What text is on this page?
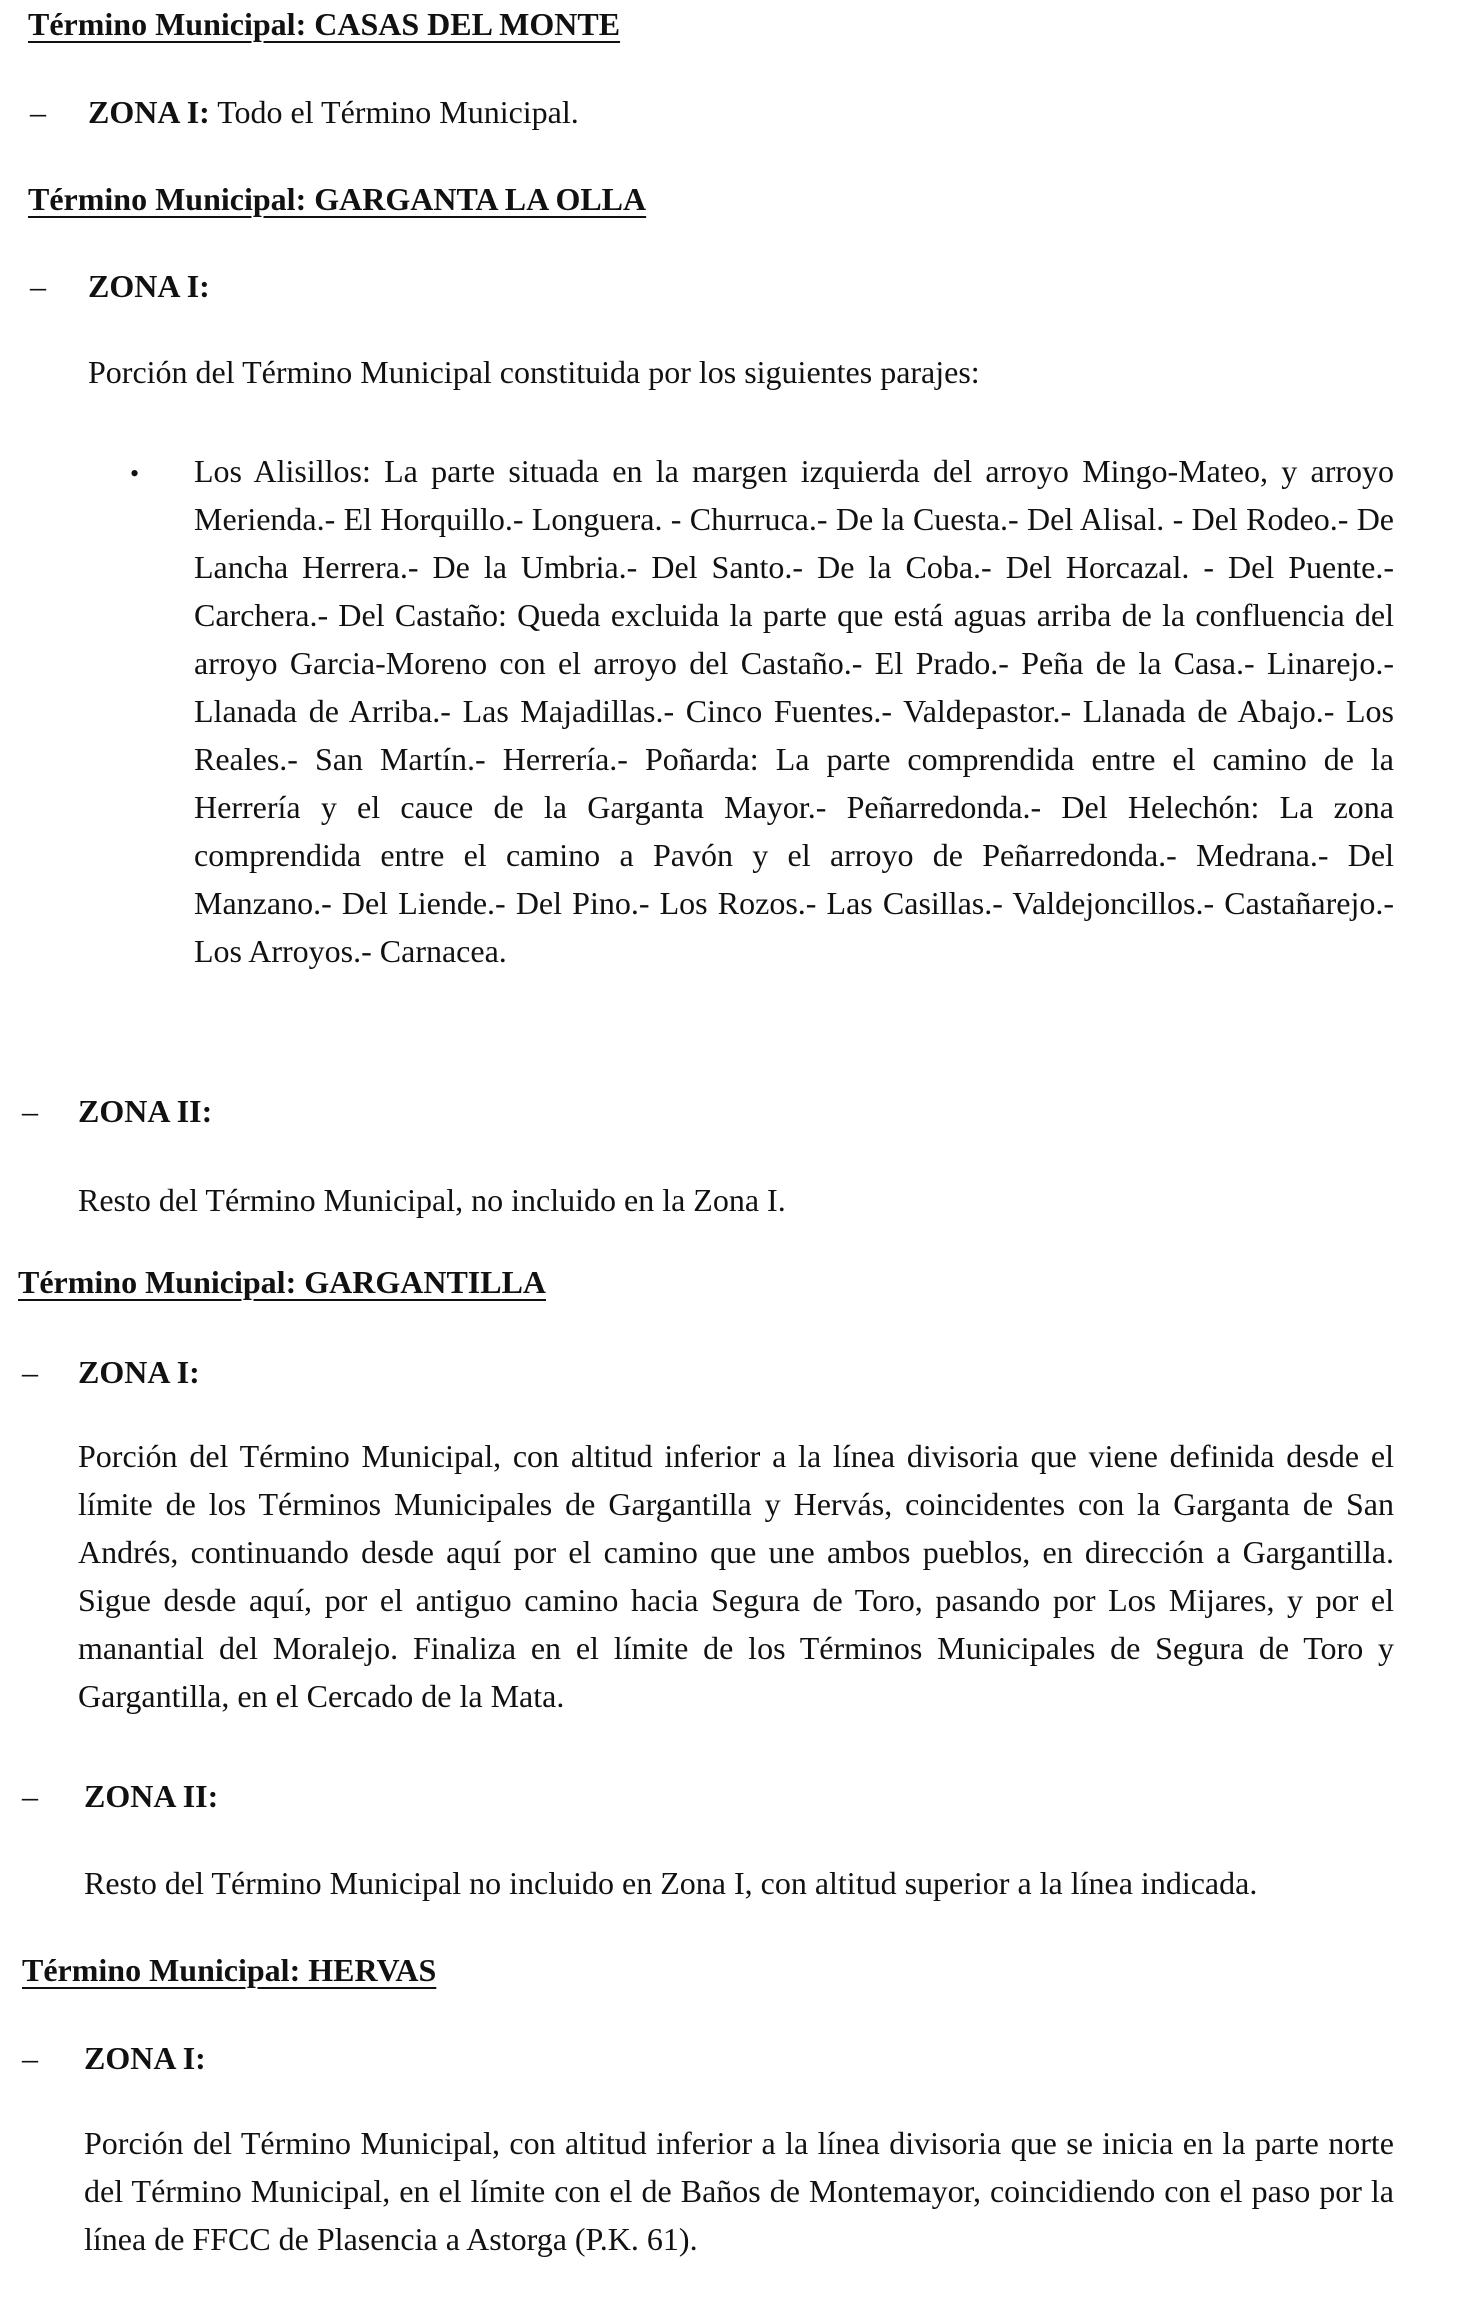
Término Municipal: CASAS DEL MONTE
– ZONA I: Todo el Término Municipal.

Término Municipal: GARGANTA LA OLLA
– ZONA I:

Porción del Término Municipal constituida por los siguientes parajes:

• Los Alisillos: La parte situada en la margen izquierda del arroyo Mingo-Mateo, y arroyo Merienda.- El Horquillo.- Longuera. - Churruca.- De la Cuesta.- Del Alisal. - Del Rodeo.- De Lancha Herrera.- De la Umbria.- Del Santo.- De la Coba.- Del Horcazal. - Del Puente.- Carchera.- Del Castaño: Queda excluida la parte que está aguas arriba de la confluencia del arroyo Garcia-Moreno con el arroyo del Castaño.- El Prado.- Peña de la Casa.- Linarejo.- Llanada de Arriba.- Las Majadillas.- Cinco Fuentes.- Valdepastor.- Llanada de Abajo.- Los Reales.- San Martín.- Herrería.- Poñarda: La parte comprendida entre el camino de la Herrería y el cauce de la Garganta Mayor.- Peñarredonda.- Del Helechón: La zona comprendida entre el camino a Pavón y el arroyo de Peñarredonda.- Medrana.- Del Manzano.- Del Liende.- Del Pino.- Los Rozos.- Las Casillas.- Valdejoncillos.- Castañarejo.- Los Arroyos.- Carnacea.

– ZONA II:

Resto del Término Municipal, no incluido en la Zona I.

Término Municipal: GARGANTILLA
– ZONA I:

Porción del Término Municipal, con altitud inferior a la línea divisoria que viene definida desde el límite de los Términos Municipales de Gargantilla y Hervás, coincidentes con la Garganta de San Andrés, continuando desde aquí por el camino que une ambos pueblos, en dirección a Gargantilla. Sigue desde aquí, por el antiguo camino hacia Segura de Toro, pasando por Los Mijares, y por el manantial del Moralejo. Finaliza en el límite de los Términos Municipales de Segura de Toro y Gargantilla, en el Cercado de la Mata.

– ZONA II:

Resto del Término Municipal no incluido en Zona I, con altitud superior a la línea indicada.

Término Municipal: HERVAS
– ZONA I:

Porción del Término Municipal, con altitud inferior a la línea divisoria que se inicia en la parte norte del Término Municipal, en el límite con el de Baños de Montemayor, coincidiendo con el paso por la línea de FFCC de Plasencia a Astorga (P.K. 61).
